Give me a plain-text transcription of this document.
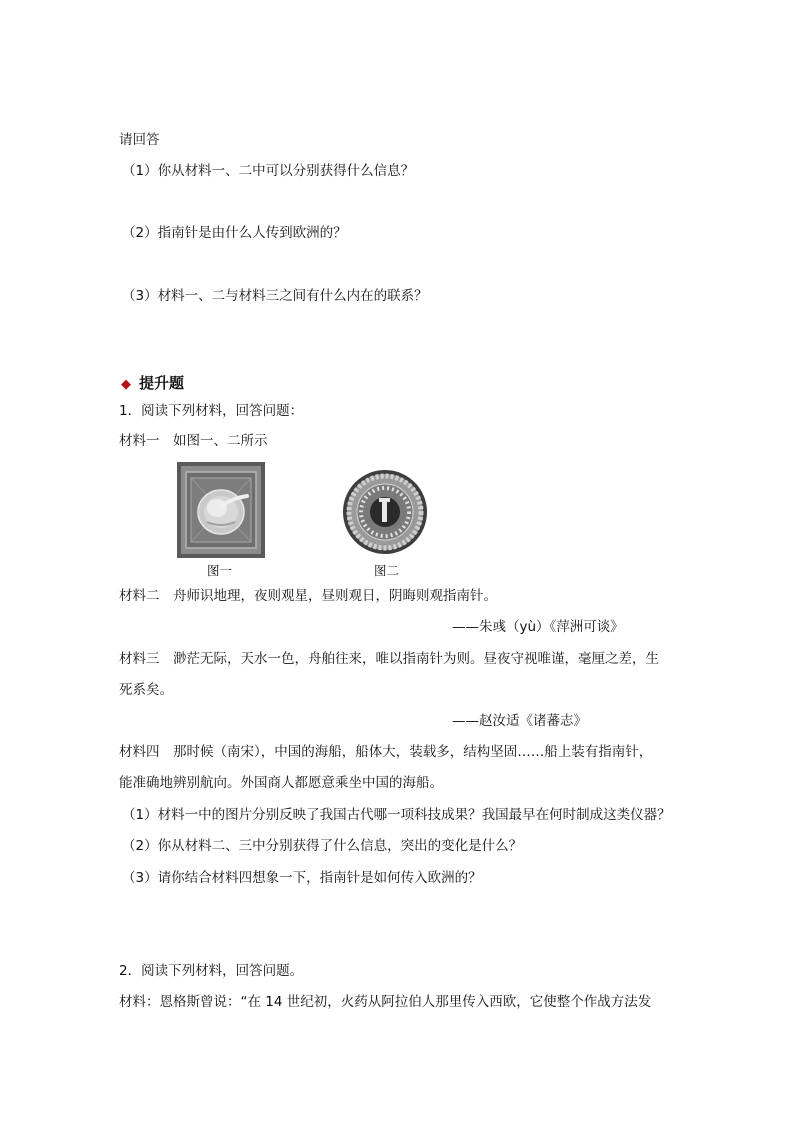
请回答
（1）你从材料一、二中可以分别获得什么信息？
（2）指南针是由什么人传到欧洲的？
（3）材料一、二与材料三之间有什么内在的联系？
◆ 提升题
1．阅读下列材料，回答问题：
材料一　如图一、二所示
图一	图二
材料二　舟师识地理，夜则观星，昼则观日，阴晦则观指南针。
——朱彧（yù）《萍洲可谈》
材料三　渺茫无际，天水一色，舟舶往来，唯以指南针为则。昼夜守视唯谨，毫厘之差，生
死系矣。
——赵汝适《诸蕃志》
材料四　那时候（南宋），中国的海船，船体大，装载多，结构坚固……船上装有指南针，
能准确地辨别航向。外国商人都愿意乘坐中国的海船。
（1）材料一中的图片分别反映了我国古代哪一项科技成果？我国最早在何时制成这类仪器？
（2）你从材料二、三中分别获得了什么信息，突出的变化是什么？
（3）请你结合材料四想象一下，指南针是如何传入欧洲的？
2．阅读下列材料，回答问题。
材料：恩格斯曾说：“在 14 世纪初，火药从阿拉伯人那里传入西欧，它使整个作战方法发
